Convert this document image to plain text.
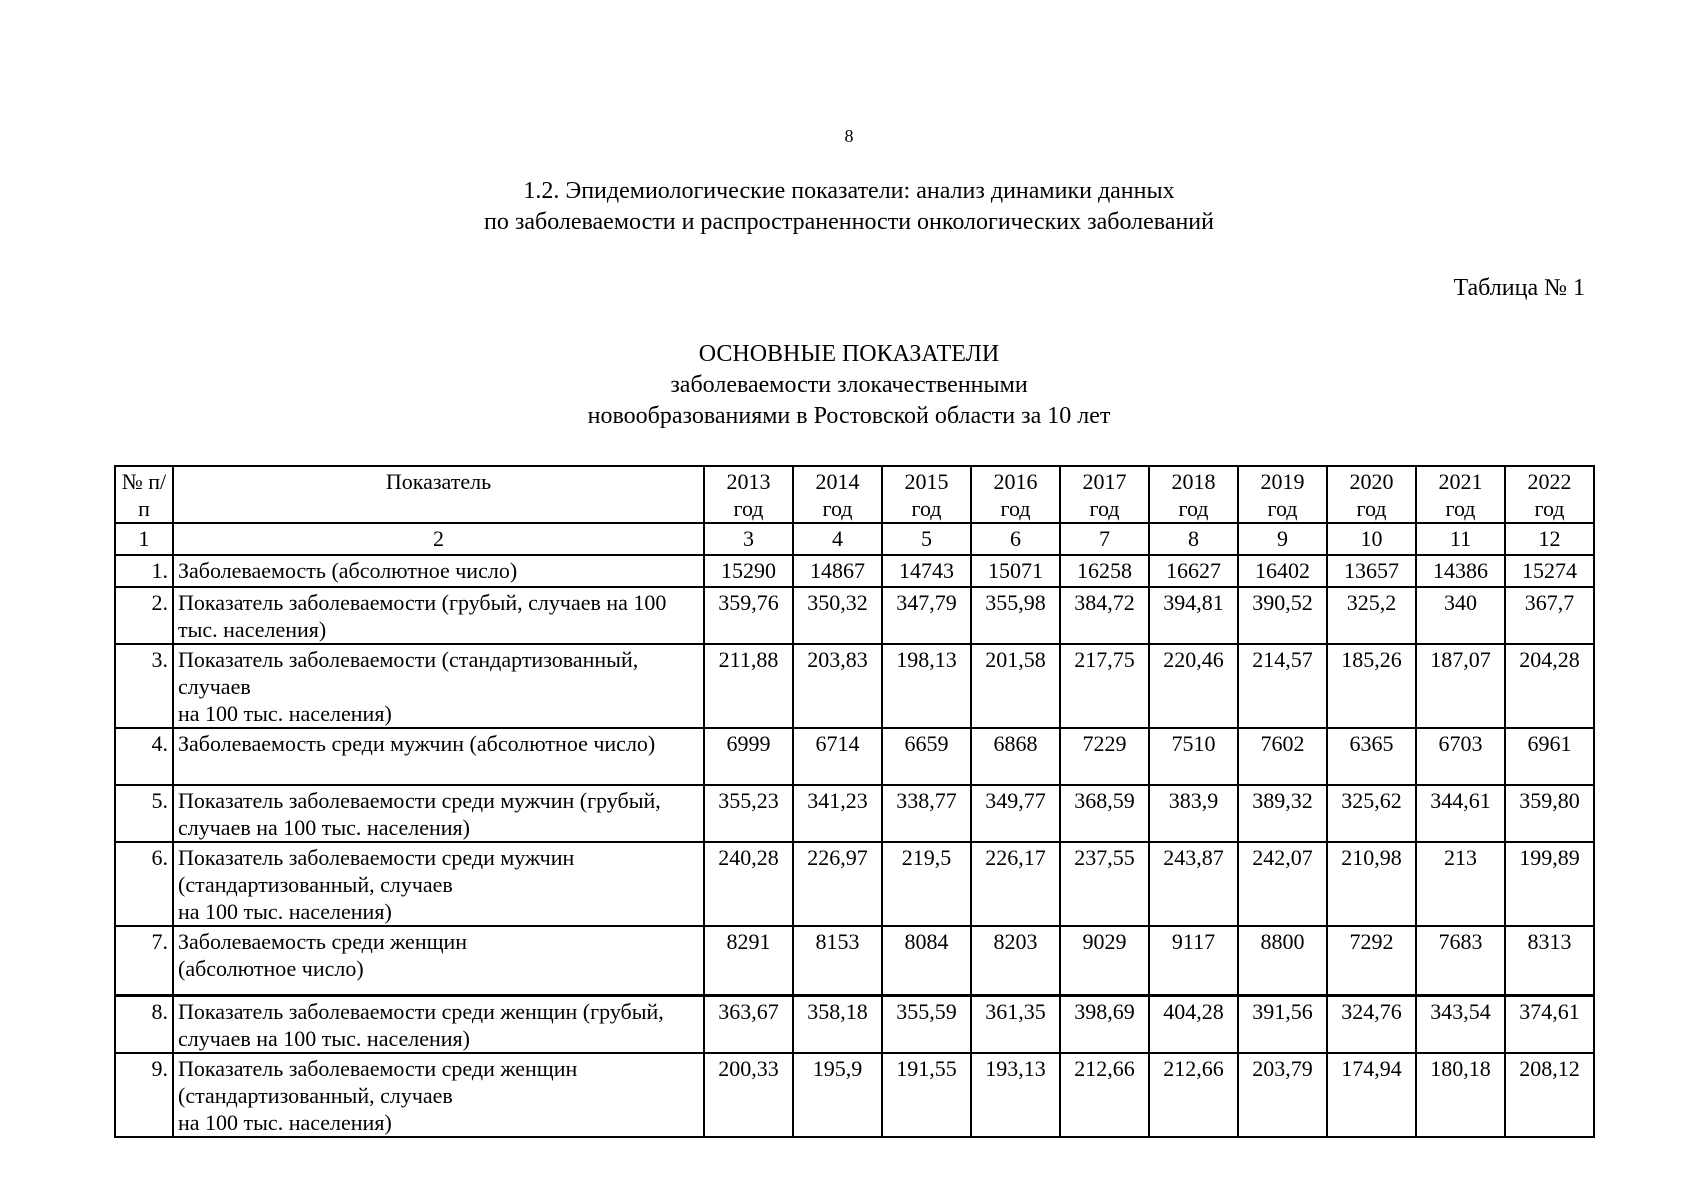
8
1.2. Эпидемиологические показатели: анализ динамики данных
по заболеваемости и распространенности онкологических заболеваний
Таблица № 1
ОСНОВНЫЕ ПОКАЗАТЕЛИ
заболеваемости злокачественными
новообразованиями в Ростовской области за 10 лет
№ п/п	Показатель	2013 год	2014 год	2015 год	2016 год	2017 год	2018 год	2019 год	2020 год	2021 год	2022 год
1	2	3	4	5	6	7	8	9	10	11	12
1.	Заболеваемость (абсолютное число)	15290	14867	14743	15071	16258	16627	16402	13657	14386	15274
2.	Показатель заболеваемости (грубый, случаев на 100 тыс. населения)	359,76	350,32	347,79	355,98	384,72	394,81	390,52	325,2	340	367,7
3.	Показатель заболеваемости (стандартизованный, случаев
на 100 тыс. населения)	211,88	203,83	198,13	201,58	217,75	220,46	214,57	185,26	187,07	204,28
4.	Заболеваемость среди мужчин (абсолютное число)	6999	6714	6659	6868	7229	7510	7602	6365	6703	6961
5.	Показатель заболеваемости среди мужчин (грубый, случаев на 100 тыс. населения)	355,23	341,23	338,77	349,77	368,59	383,9	389,32	325,62	344,61	359,80
6.	Показатель заболеваемости среди мужчин (стандартизованный, случаев
на 100 тыс. населения)	240,28	226,97	219,5	226,17	237,55	243,87	242,07	210,98	213	199,89
7.	Заболеваемость среди женщин
(абсолютное число)	8291	8153	8084	8203	9029	9117	8800	7292	7683	8313
8.	Показатель заболеваемости среди женщин (грубый, случаев на 100 тыс. населения)	363,67	358,18	355,59	361,35	398,69	404,28	391,56	324,76	343,54	374,61
9.	Показатель заболеваемости среди женщин (стандартизованный, случаев
на 100 тыс. населения)	200,33	195,9	191,55	193,13	212,66	212,66	203,79	174,94	180,18	208,12
